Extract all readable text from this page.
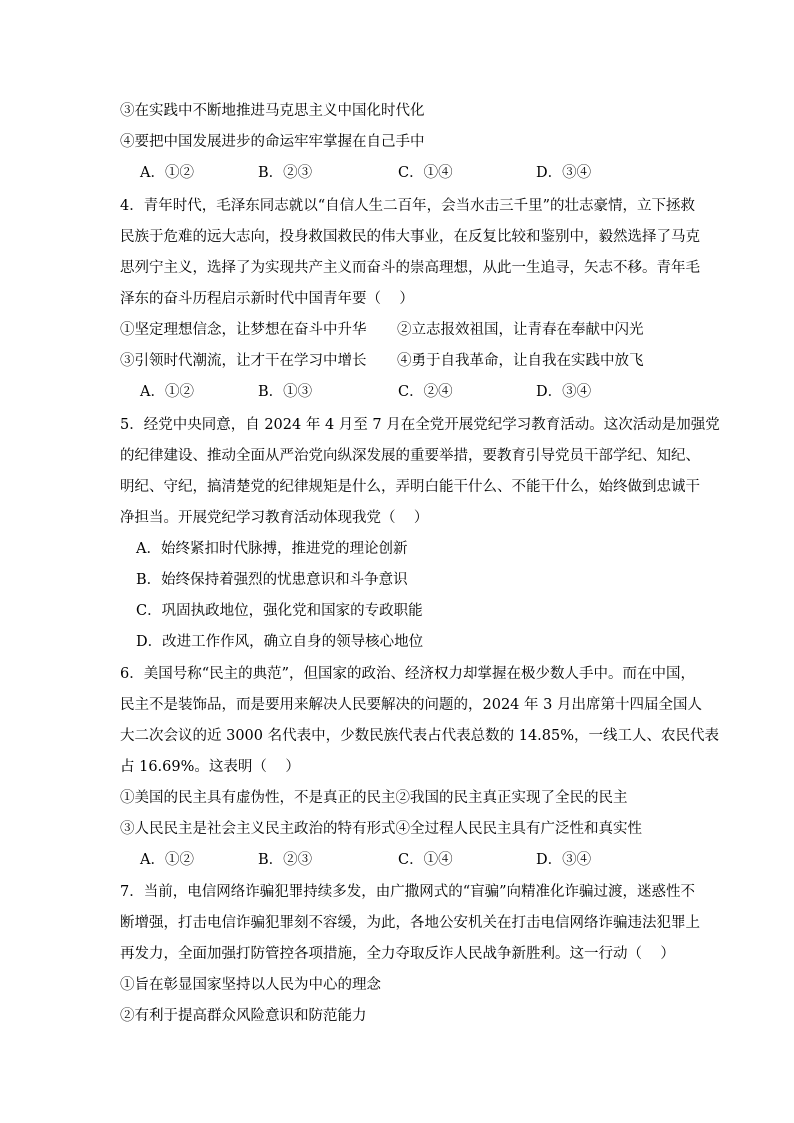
③在实践中不断地推进马克思主义中国化时代化
④要把中国发展进步的命运牢牢掌握在自己手中
A．①②	B．②③	C．①④	D．③④
4．青年时代，毛泽东同志就以“自信人生二百年，会当水击三千里”的壮志豪情，立下拯救
民族于危难的远大志向，投身救国救民的伟大事业，在反复比较和鉴别中，毅然选择了马克
思列宁主义，选择了为实现共产主义而奋斗的崇高理想，从此一生追寻，矢志不移。青年毛
泽东的奋斗历程启示新时代中国青年要（    ）
①坚定理想信念，让梦想在奋斗中升华 ②立志报效祖国，让青春在奉献中闪光
③引领时代潮流，让才干在学习中增长 ④勇于自我革命，让自我在实践中放飞
A．①②	B．①③	C．②④	D．③④
5．经党中央同意，自 2024 年 4 月至 7 月在全党开展党纪学习教育活动。这次活动是加强党
的纪律建设、推动全面从严治党向纵深发展的重要举措，要教育引导党员干部学纪、知纪、
明纪、守纪，搞清楚党的纪律规矩是什么，弄明白能干什么、不能干什么，始终做到忠诚干
净担当。开展党纪学习教育活动体现我党（    ）
A．始终紧扣时代脉搏，推进党的理论创新
B．始终保持着强烈的忧患意识和斗争意识
C．巩固执政地位，强化党和国家的专政职能
D．改进工作作风，确立自身的领导核心地位
6．美国号称“民主的典范”，但国家的政治、经济权力却掌握在极少数人手中。而在中国，
民主不是装饰品，而是要用来解决人民要解决的问题的，2024 年 3 月出席第十四届全国人
大二次会议的近 3000 名代表中，少数民族代表占代表总数的 14.85%，一线工人、农民代表
占 16.69%。这表明（    ）
①美国的民主具有虚伪性，不是真正的民主②我国的民主真正实现了全民的民主
③人民民主是社会主义民主政治的特有形式④全过程人民民主具有广泛性和真实性
A．①②	B．②③	C．①④	D．③④
7．当前，电信网络诈骗犯罪持续多发，由广撒网式的“盲骗”向精准化诈骗过渡，迷惑性不
断增强，打击电信诈骗犯罪刻不容缓，为此，各地公安机关在打击电信网络诈骗违法犯罪上
再发力，全面加强打防管控各项措施，全力夺取反诈人民战争新胜利。这一行动（    ）
①旨在彰显国家坚持以人民为中心的理念
②有利于提高群众风险意识和防范能力
